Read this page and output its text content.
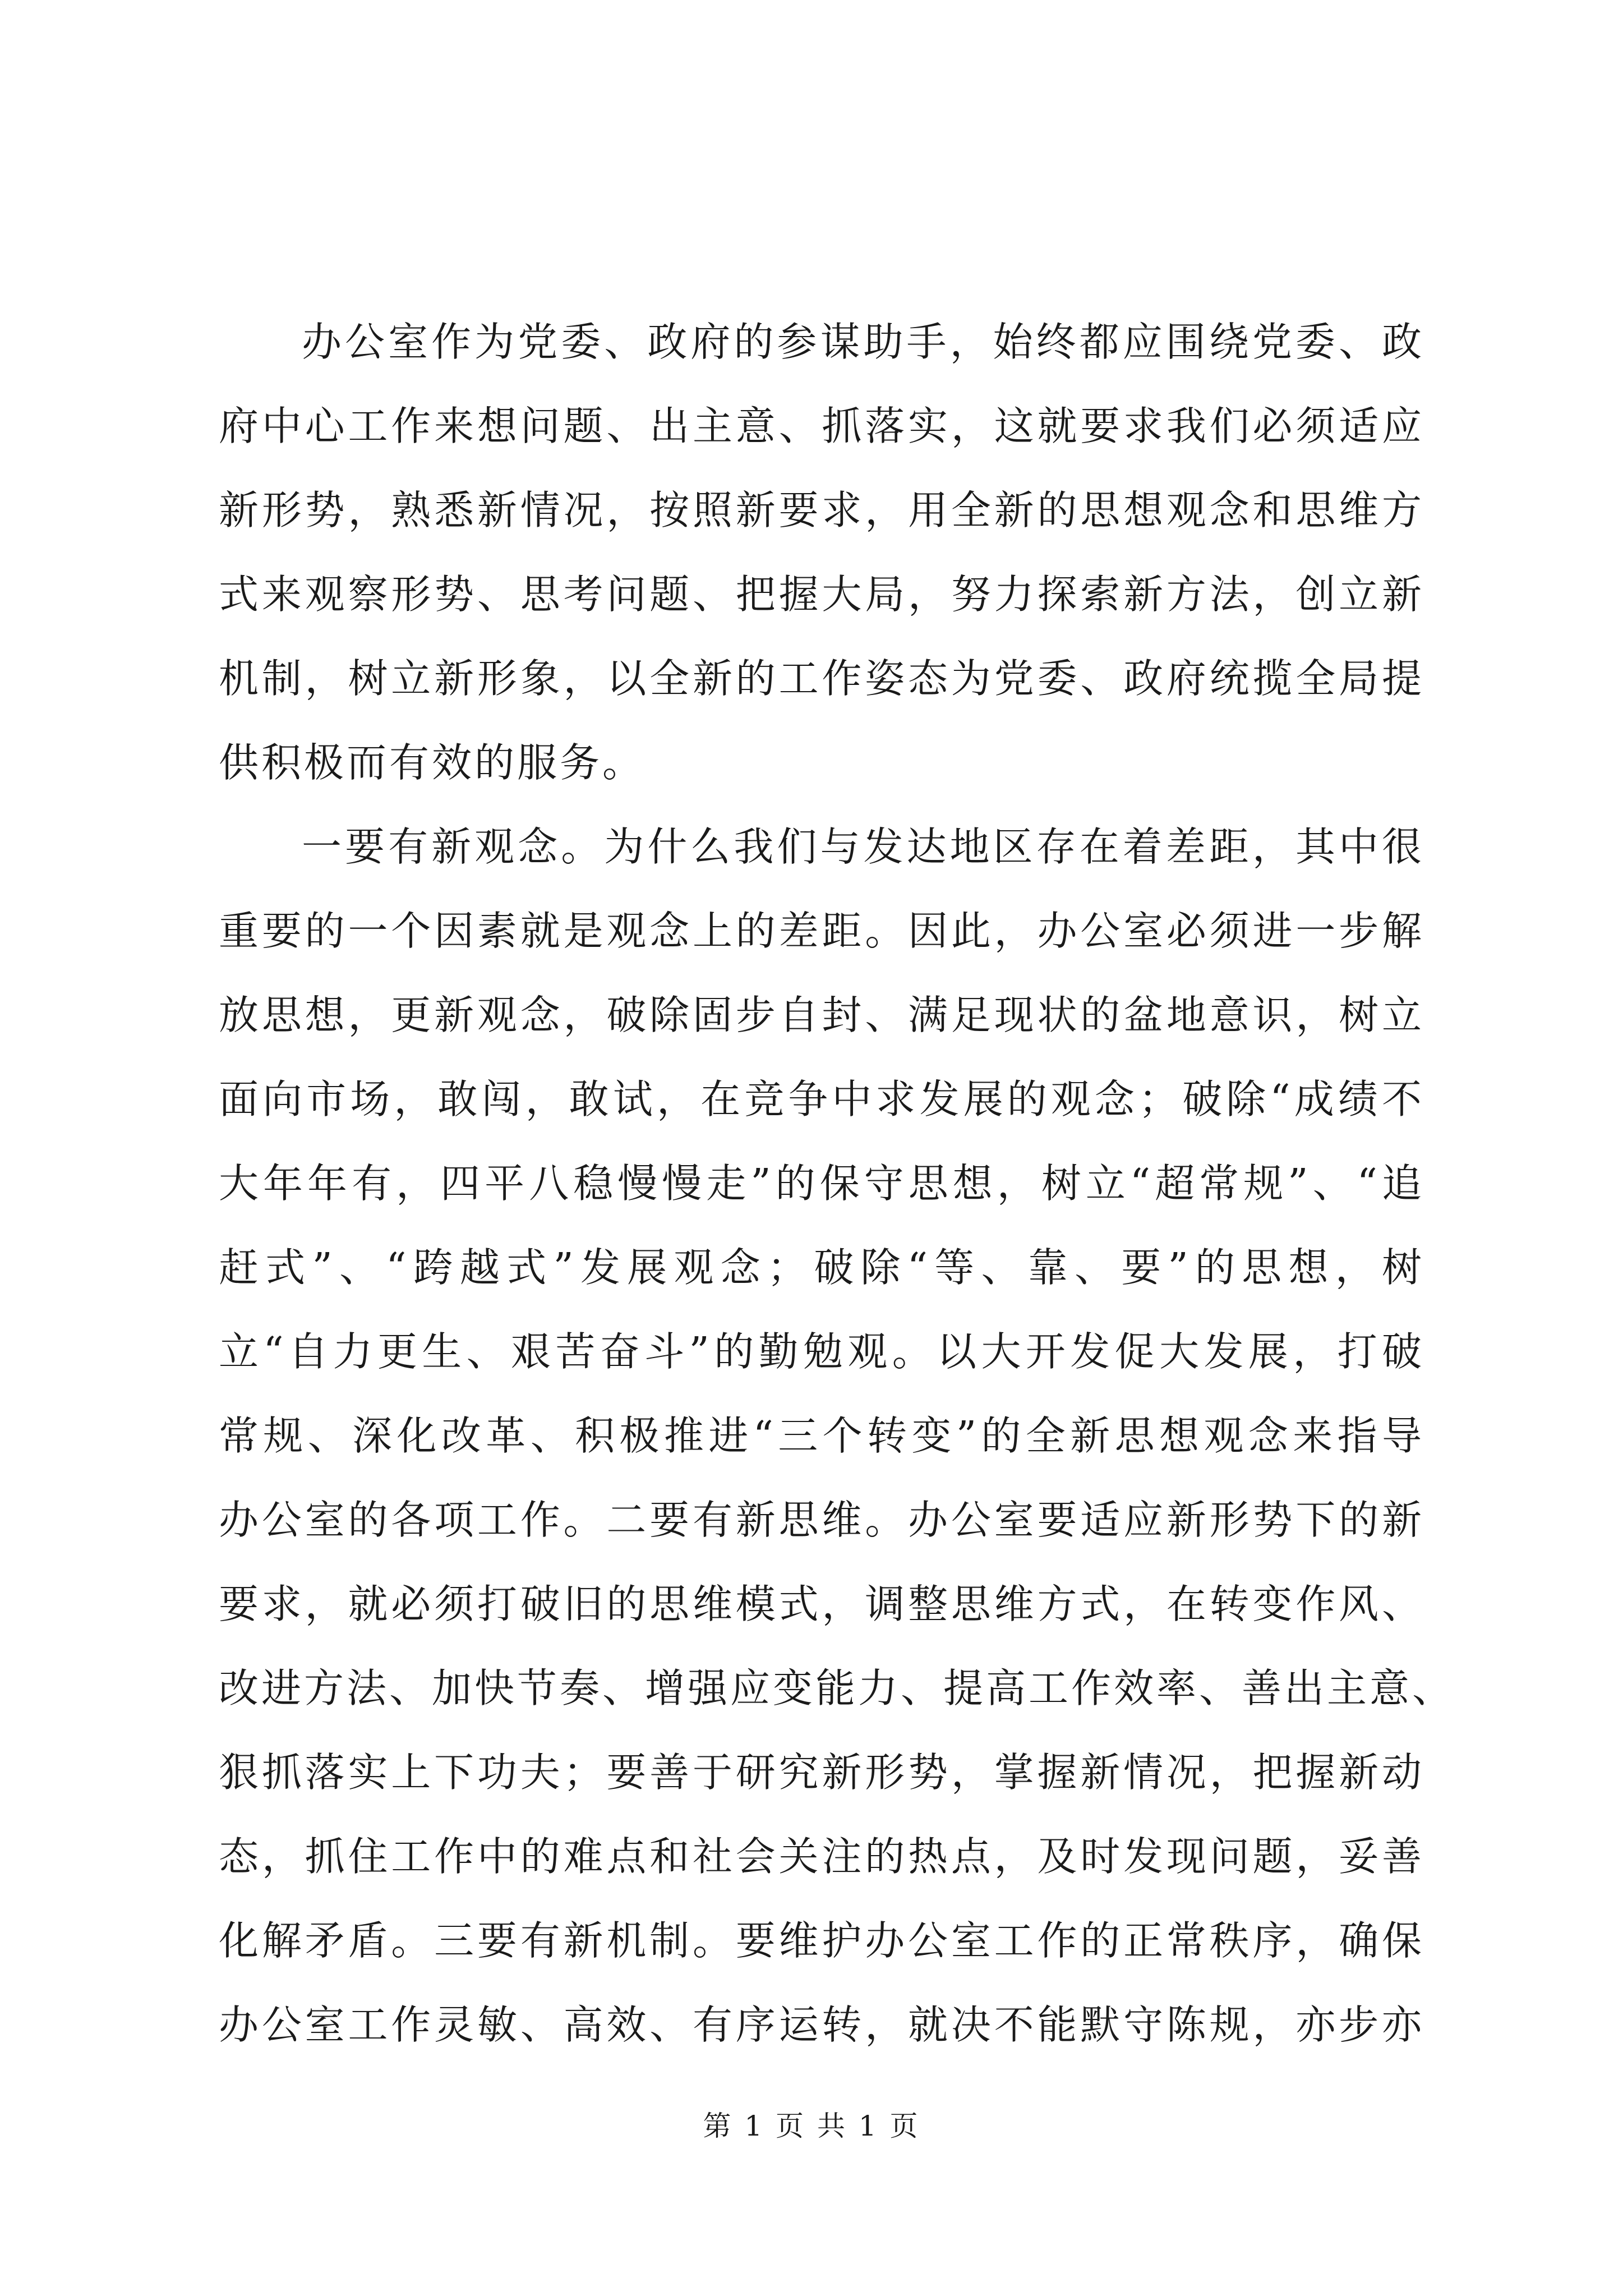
办公室作为党委、政府的参谋助手，始终都应围绕党委、政
府中心工作来想问题、出主意、抓落实，这就要求我们必须适应
新形势，熟悉新情况，按照新要求，用全新的思想观念和思维方
式来观察形势、思考问题、把握大局，努力探索新方法，创立新
机制，树立新形象，以全新的工作姿态为党委、政府统揽全局提
供积极而有效的服务。
一要有新观念。为什么我们与发达地区存在着差距，其中很
重要的一个因素就是观念上的差距。因此，办公室必须进一步解
放思想，更新观念，破除固步自封、满足现状的盆地意识，树立
面向市场，敢闯，敢试，在竞争中求发展的观念；破除“成绩不
大年年有，四平八稳慢慢走”的保守思想，树立“超常规”、“追
赶式”、“跨越式”发展观念；破除“等、靠、要”的思想，树
立“自力更生、艰苦奋斗”的勤勉观。以大开发促大发展，打破
常规、深化改革、积极推进“三个转变”的全新思想观念来指导
办公室的各项工作。二要有新思维。办公室要适应新形势下的新
要求，就必须打破旧的思维模式，调整思维方式，在转变作风、
改进方法、加快节奏、增强应变能力、提高工作效率、善出主意、
狠抓落实上下功夫；要善于研究新形势，掌握新情况，把握新动
态，抓住工作中的难点和社会关注的热点，及时发现问题，妥善
化解矛盾。三要有新机制。要维护办公室工作的正常秩序，确保
办公室工作灵敏、高效、有序运转，就决不能默守陈规，亦步亦
第 1 页 共 1 页
